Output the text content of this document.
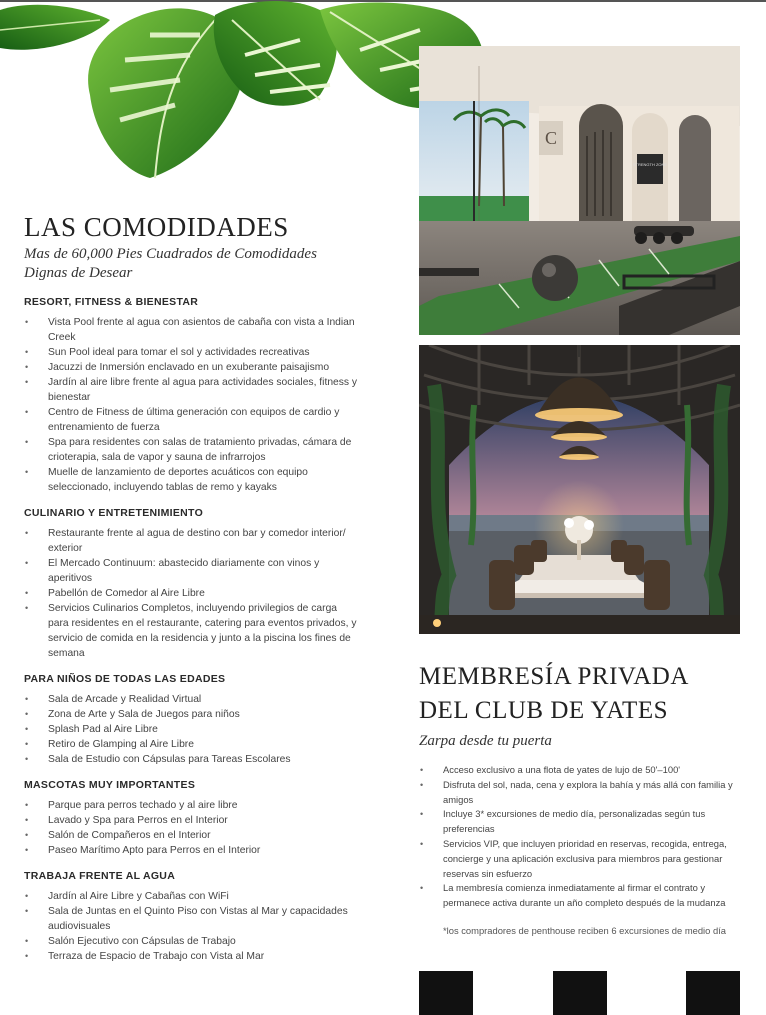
LAS COMODIDADES
Mas de 60,000 Pies Cuadrados de Comodidades Dignas de Desear
RESORT, FITNESS & BIENESTAR
• Vista Pool frente al agua con asientos de cabaña con vista a Indian Creek
• Sun Pool ideal para tomar el sol y actividades recreativas
• Jacuzzi de Inmersión enclavado en un exuberante paisajismo
• Jardín al aire libre frente al agua para actividades sociales, fitness y bienestar
• Centro de Fitness de última generación con equipos de cardio y entrenamiento de fuerza
• Spa para residentes con salas de tratamiento privadas, cámara de crioterapia, sala de vapor y sauna de infrarrojos
• Muelle de lanzamiento de deportes acuáticos con equipo seleccionado, incluyendo tablas de remo y kayaks
CULINARIO Y ENTRETENIMIENTO
• Restaurante frente al agua de destino con bar y comedor interior/ exterior
• El Mercado Continuum: abastecido diariamente con vinos y aperitivos
• Pabellón de Comedor al Aire Libre
• Servicios Culinarios Completos, incluyendo privilegios de carga para residentes en el restaurante, catering para eventos privados, y servicio de comida en la residencia y junto a la piscina los fines de semana
PARA NIÑOS DE TODAS LAS EDADES
• Sala de Arcade y Realidad Virtual
• Zona de Arte y Sala de Juegos para niños
• Splash Pad al Aire Libre
• Retiro de Glamping al Aire Libre
• Sala de Estudio con Cápsulas para Tareas Escolares
MASCOTAS MUY IMPORTANTES
• Parque para perros techado y al aire libre
• Lavado y Spa para Perros en el Interior
• Salón de Compañeros en el Interior
• Paseo Marítimo Apto para Perros en el Interior
TRABAJA FRENTE AL AGUA
• Jardín al Aire Libre y Cabañas con WiFi
• Sala de Juntas en el Quinto Piso con Vistas al Mar y capacidades audiovisuales
• Salón Ejecutivo con Cápsulas de Trabajo
• Terraza de Espacio de Trabajo con Vista al Mar
C
STRENGTH ZONE
MEMBRESÍA PRIVADA
DEL CLUB DE YATES
Zarpa desde tu puerta
• Acceso exclusivo a una flota de yates de lujo de 50'–100'
• Disfruta del sol, nada, cena y explora la bahía y más allá con familia y amigos
• Incluye 3* excursiones de medio día, personalizadas según tus preferencias
• Servicios VIP, que incluyen prioridad en reservas, recogida, entrega, concierge y una aplicación exclusiva para miembros para gestionar reservas sin esfuerzo
• La membresía comienza inmediatamente al firmar el contrato y permanece activa durante un año completo después de la mudanza
*los compradores de penthouse reciben 6 excursiones de medio día
